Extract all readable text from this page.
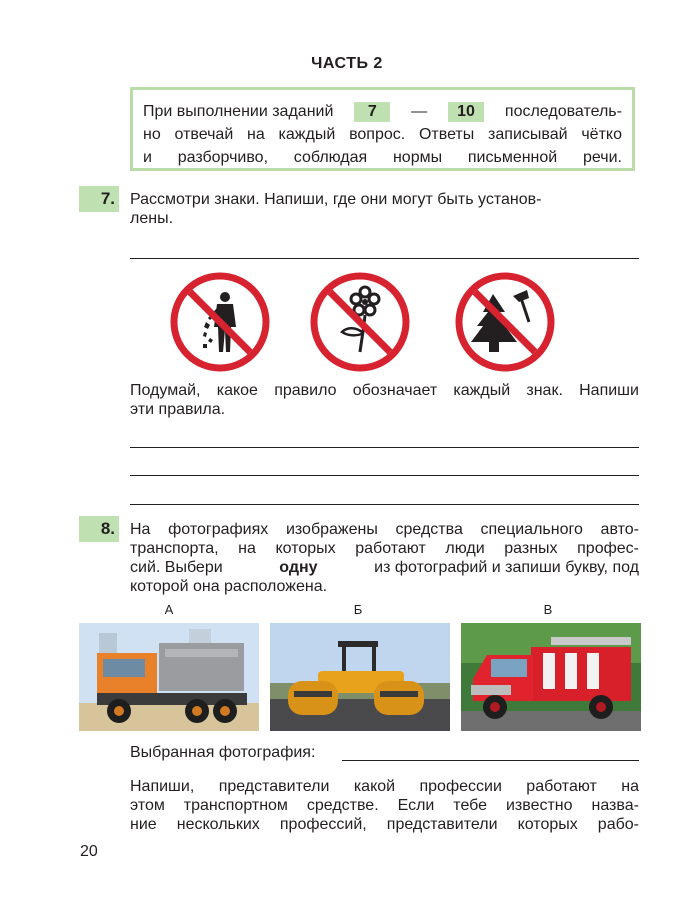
ЧАСТЬ 2
При выполнении заданий	7	—	10	последователь-
но отвечай на каждый вопрос. Ответы записывай чётко
и разборчиво, соблюдая нормы письменной речи.
7. Рассмотри знаки. Напиши, где они могут быть установ-
лены.
Подумай, какое правило обозначает каждый знак. Напиши
эти правила.
8. На фотографиях изображены средства специального авто-
транспорта, на которых работают люди разных профес-
сий. Выбери	одну	из фотографий и запиши букву, под
которой она расположена.
А	Б	В
Выбранная фотография:
Напиши, представители какой профессии работают на
этом транспортном средстве. Если тебе известно назва-
ние нескольких профессий, представители которых рабо-
20
